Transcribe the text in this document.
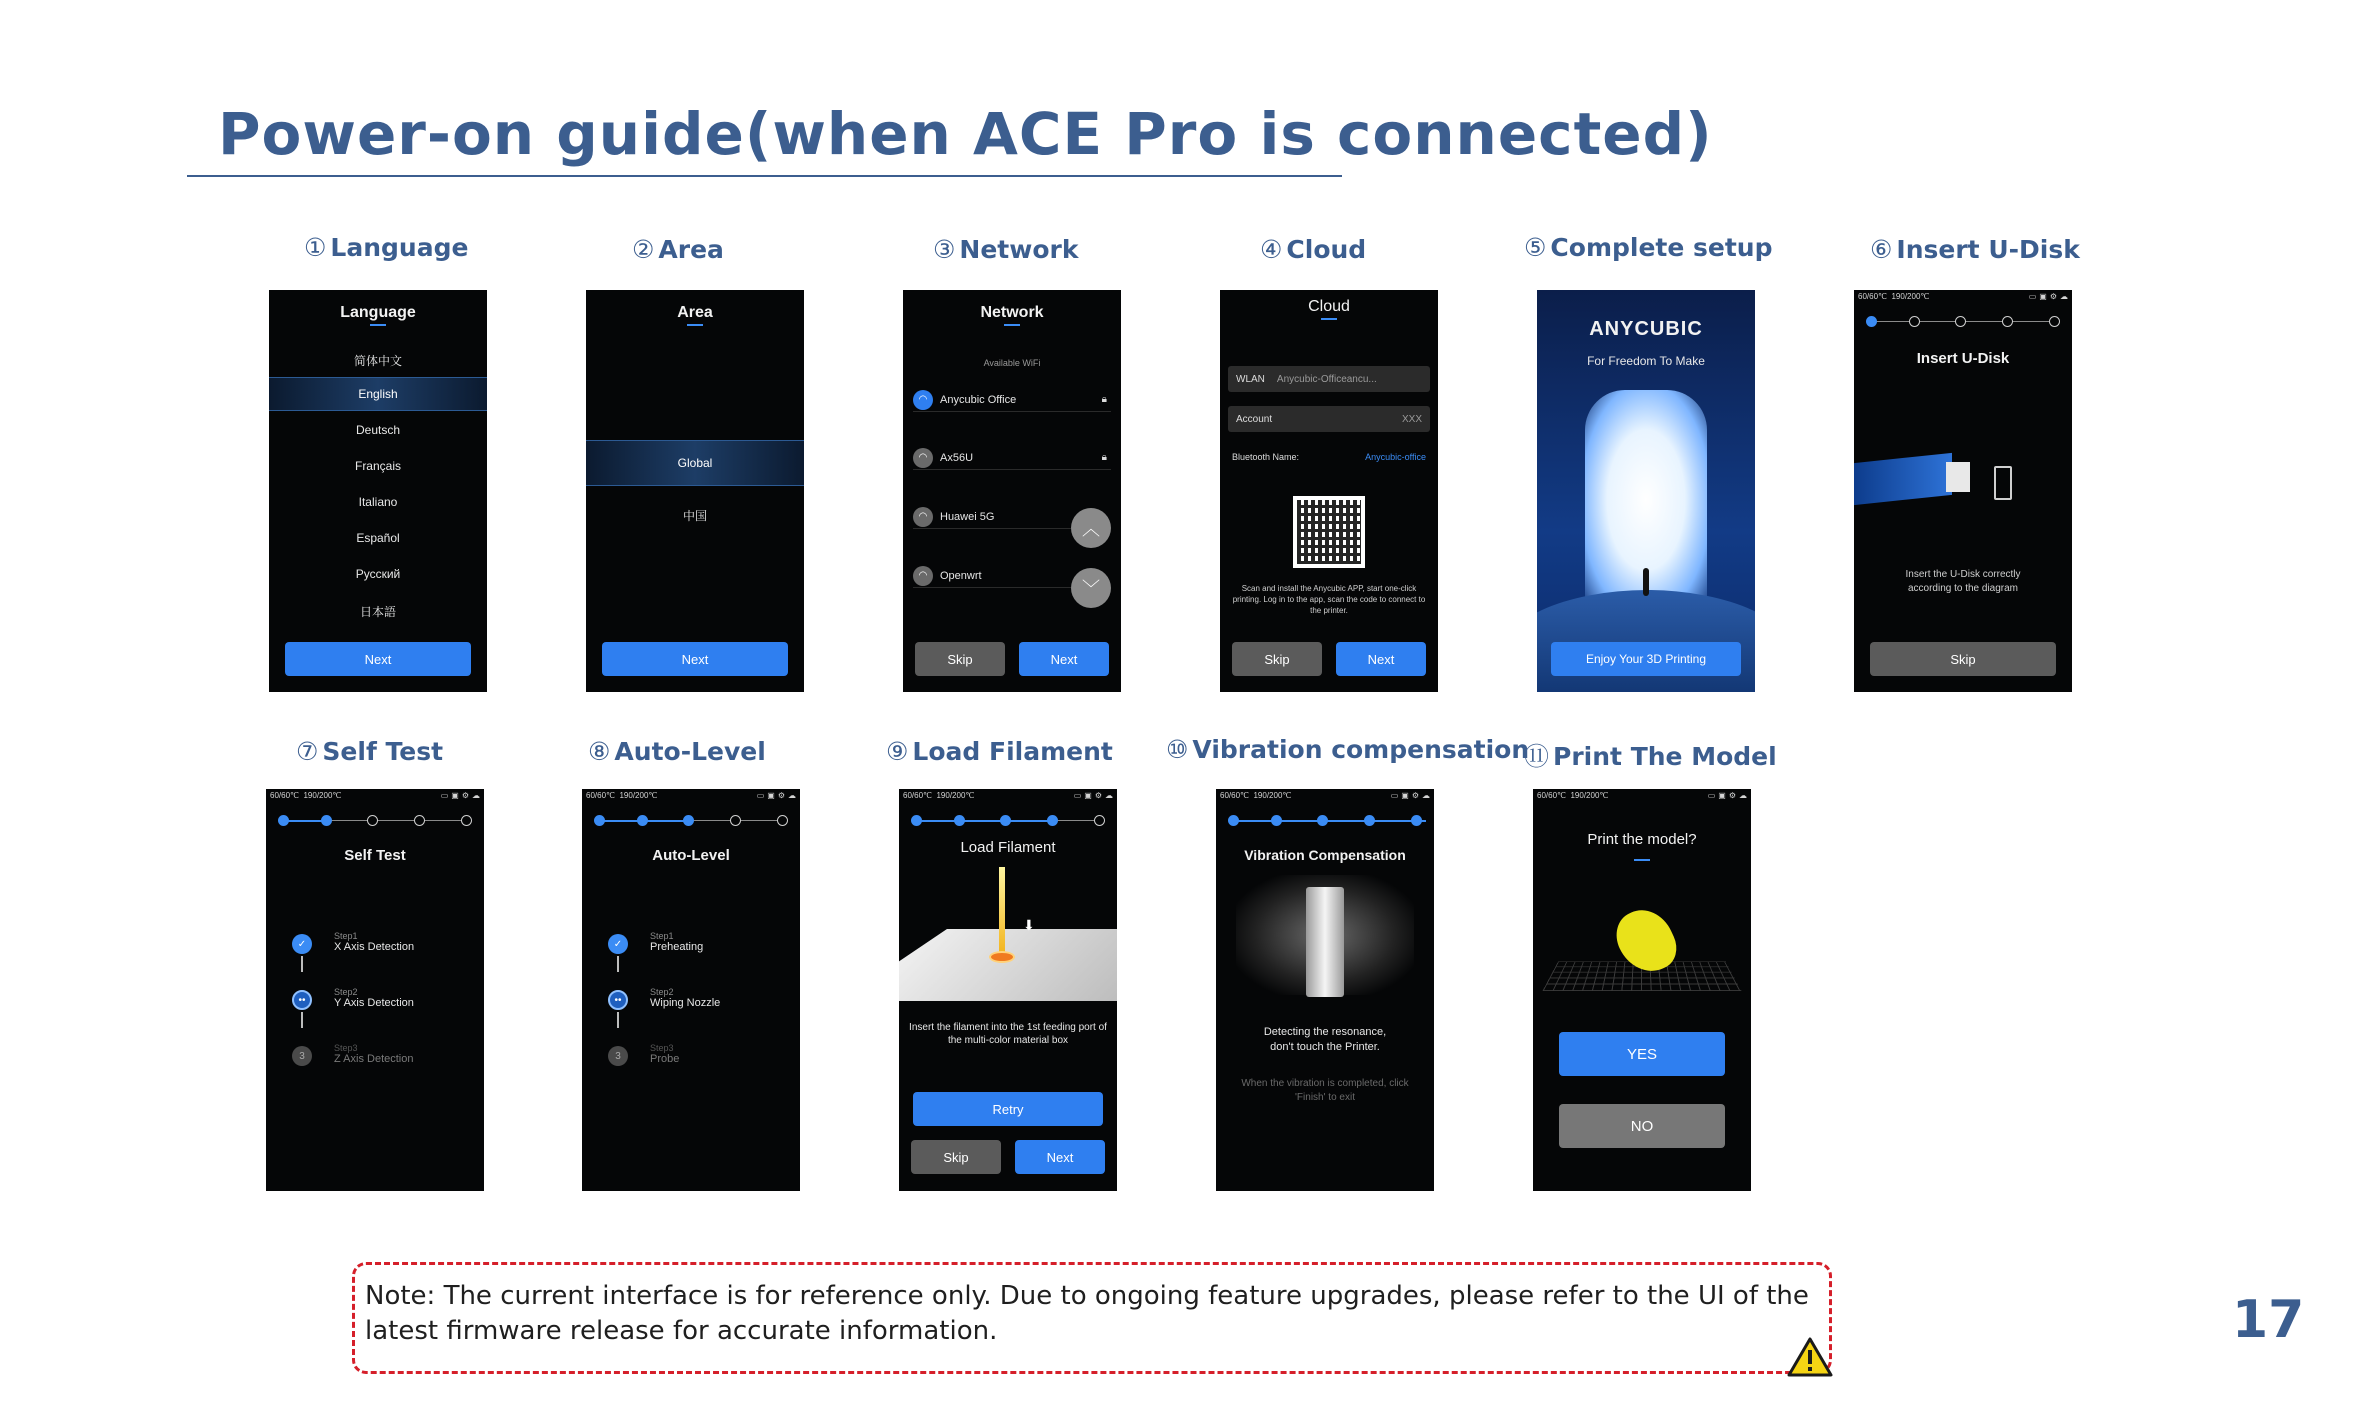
Power-on guide(when ACE Pro is connected)
① Language	② Area	③ Network	④ Cloud	⑤ Complete setup	⑥ Insert U-Disk
⑦ Self Test	⑧ Auto-Level	⑨ Load Filament ⑩ Vibration compensation
⑪ Print The Model
Language
简体中文
English
Deutsch
Français
Italiano
Español
Русский
日本語
Next
Area
Global
中国
Next
Network
Available WiFi
◠	Anycubic Office	🔒︎
◠	Ax56U	🔒︎
◠	Huawei 5G
◠	Openwrt
︿
﹀
Skip	Next
Cloud
WLAN Anycubic-Officeancu...
Account	XXX
Bluetooth Name:	Anycubic-office
Scan and install the Anycubic APP, start one-click printing. Log in to the app, scan the code to connect to the printer.
Skip	Next
ANYCUBIC
For Freedom To Make
Enjoy Your 3D Printing
60/60℃  190/200℃	▭ ▣ ⚙ ☁
Insert U-Disk
Insert the U-Disk correctly according to the diagram
Skip
60/60℃  190/200℃	▭ ▣ ⚙ ☁
Self Test
✓
••
3
Step1
X Axis Detection
Step2
Y Axis Detection
Step3
Z Axis Detection
60/60℃  190/200℃	▭ ▣ ⚙ ☁
Auto-Level
✓
••
3
Step1
Preheating
Step2
Wiping Nozzle
Step3
Probe
60/60℃  190/200℃	▭ ▣ ⚙ ☁
Load Filament
⬇
Insert the filament into the 1st feeding port of the multi-color material box
Retry
Skip	Next
60/60℃  190/200℃	▭ ▣ ⚙ ☁
Vibration Compensation
Detecting the resonance, don't touch the Printer.
When the vibration is completed, click 'Finish' to exit
60/60℃  190/200℃	▭ ▣ ⚙ ☁
Print the model?
YES
NO
Note: The current interface is for reference only. Due to ongoing feature upgrades, please refer to the UI of the latest firmware release for accurate information.	17
